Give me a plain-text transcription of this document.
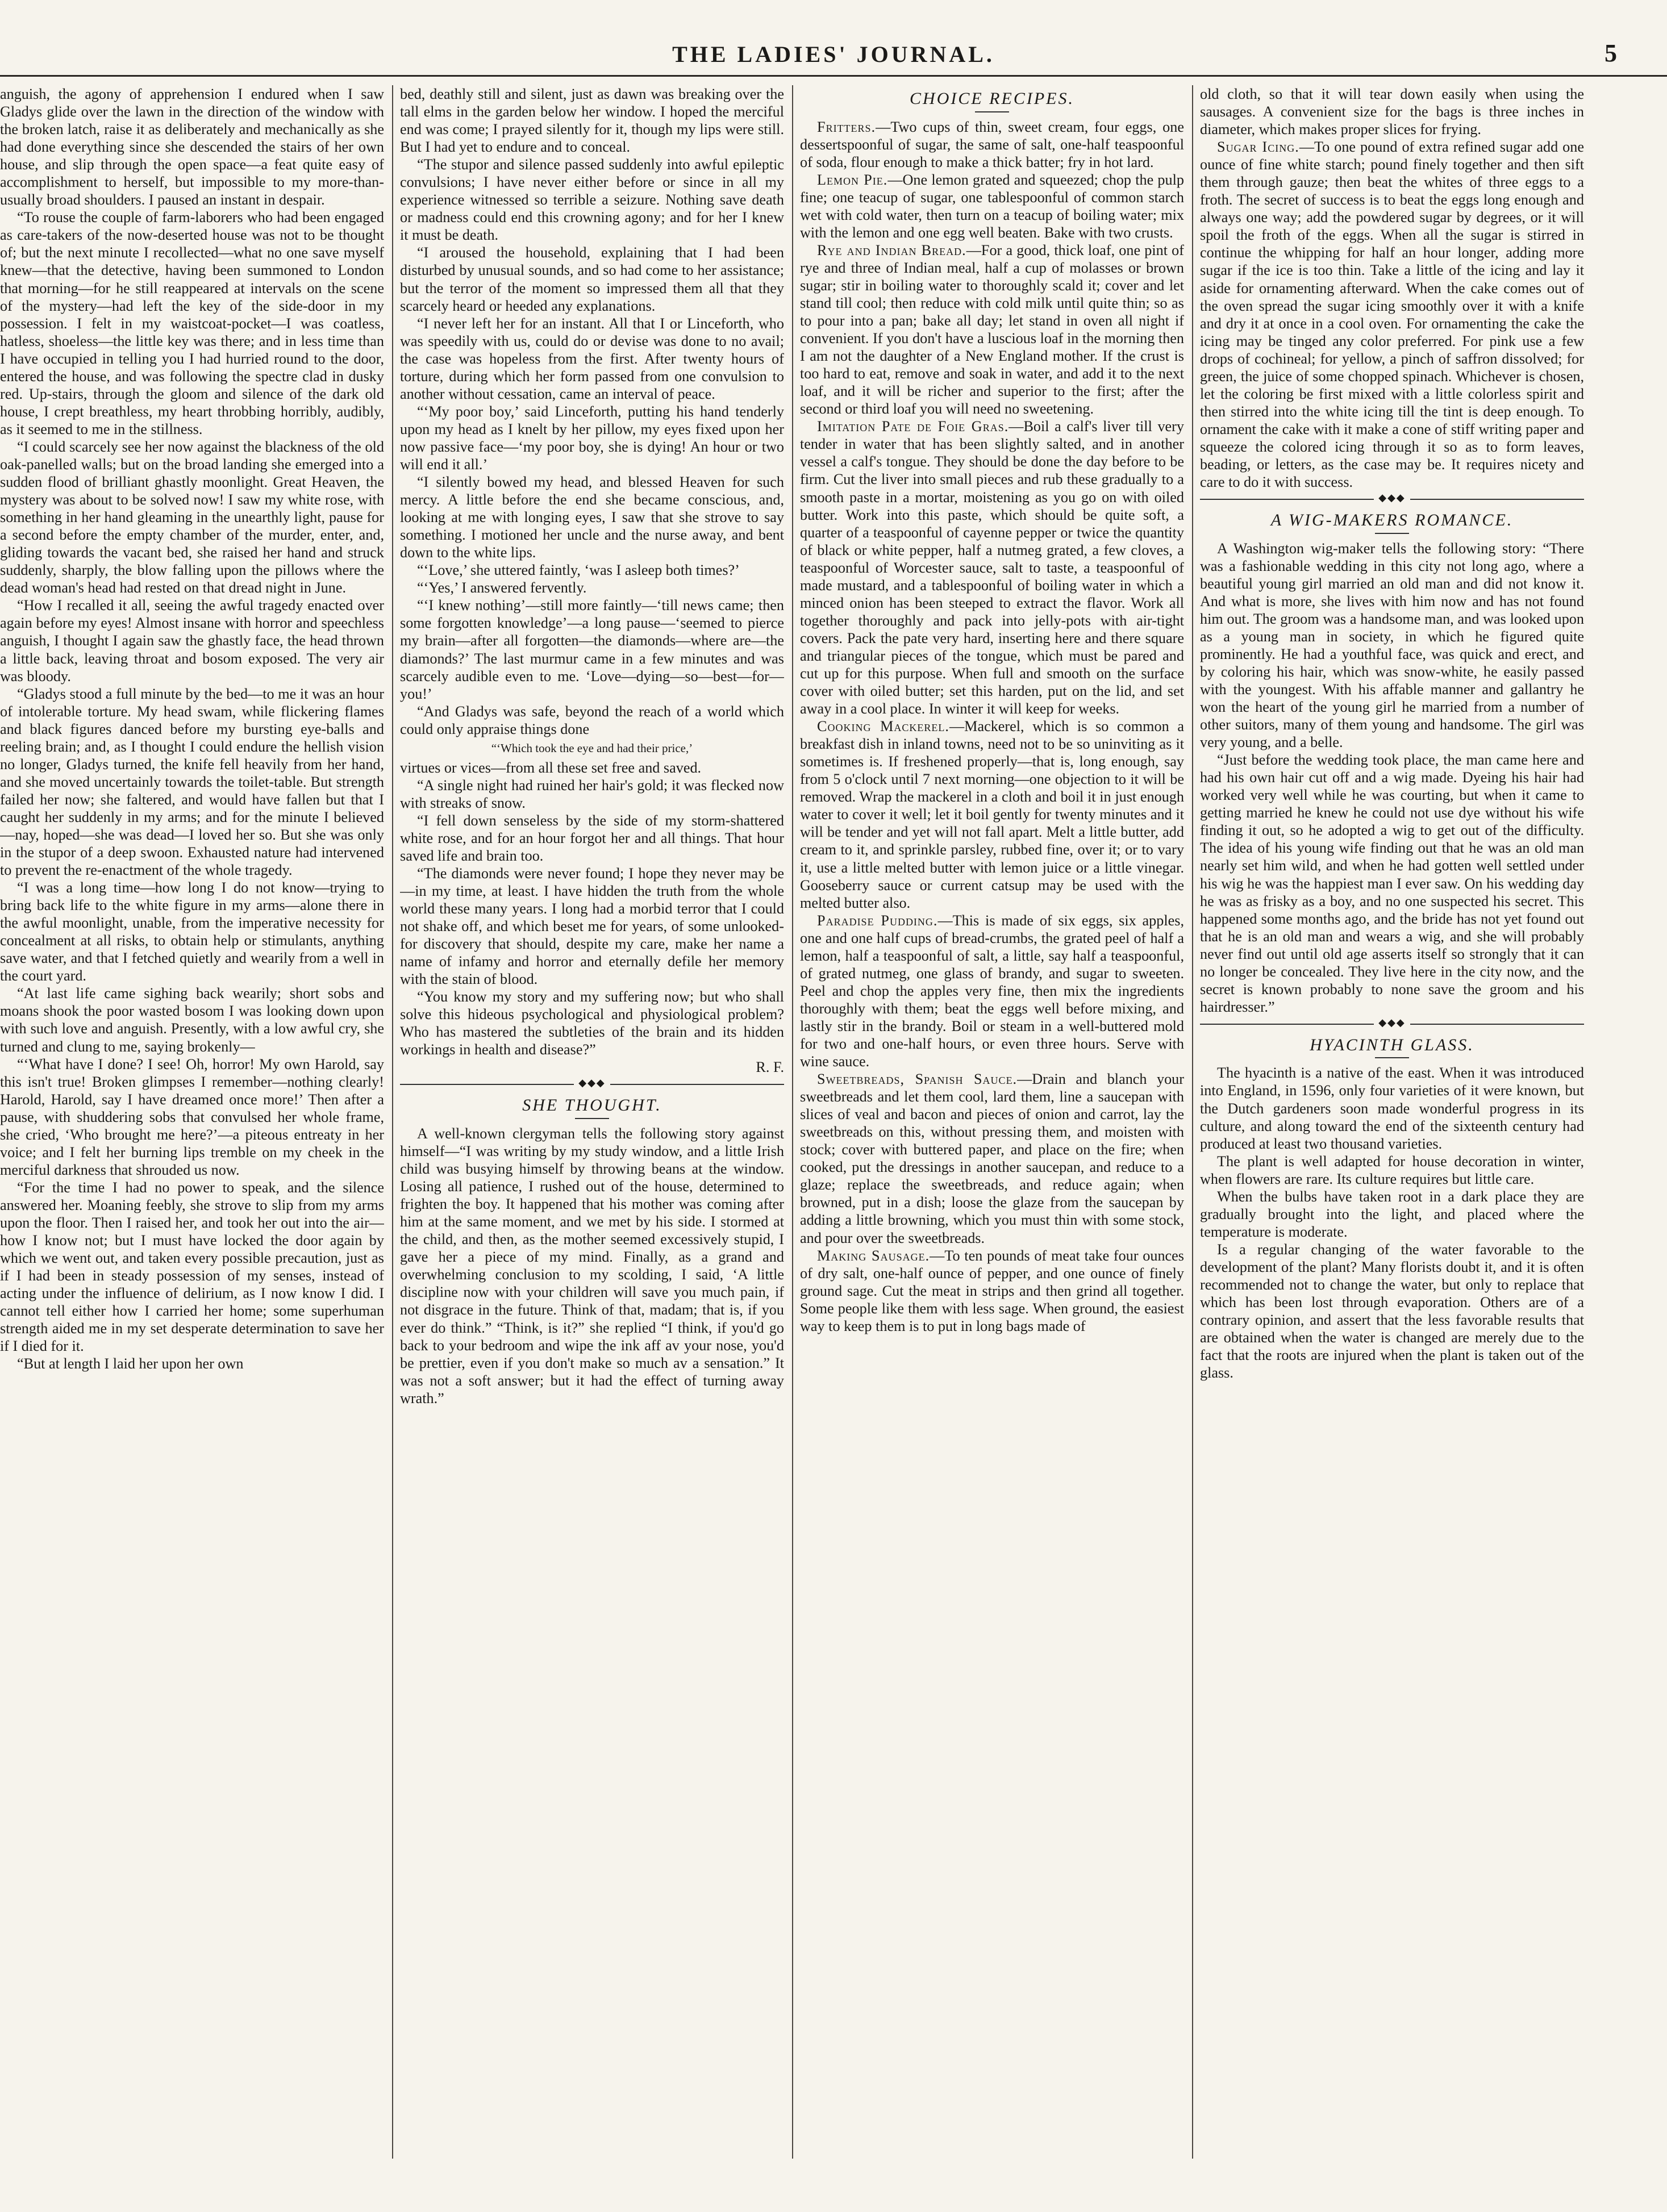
THE LADIES' JOURNAL.	5

anguish, the agony of apprehension I endured when I saw Gladys glide over the lawn in the direction of the window with the broken latch, raise it as deliberately and mechanically as she had done everything since she descended the stairs of her own house, and slip through the open space—a feat quite easy of accomplishment to herself, but impossible to my more-than-usually broad shoulders. I paused an instant in despair.

“To rouse the couple of farm-laborers who had been engaged as care-takers of the now-deserted house was not to be thought of; but the next minute I recollected—what no one save myself knew—that the detective, having been summoned to London that morning—for he still reappeared at intervals on the scene of the mystery—had left the key of the side-door in my possession. I felt in my waistcoat-pocket—I was coatless, hatless, shoeless—the little key was there; and in less time than I have occupied in telling you I had hurried round to the door, entered the house, and was following the spectre clad in dusky red. Up-stairs, through the gloom and silence of the dark old house, I crept breathless, my heart throbbing horribly, audibly, as it seemed to me in the stillness.

“I could scarcely see her now against the blackness of the old oak-panelled walls; but on the broad landing she emerged into a sudden flood of brilliant ghastly moonlight. Great Heaven, the mystery was about to be solved now! I saw my white rose, with something in her hand gleaming in the unearthly light, pause for a second before the empty chamber of the murder, enter, and, gliding towards the vacant bed, she raised her hand and struck suddenly, sharply, the blow falling upon the pillows where the dead woman's head had rested on that dread night in June.

“How I recalled it all, seeing the awful tragedy enacted over again before my eyes! Almost insane with horror and speechless anguish, I thought I again saw the ghastly face, the head thrown a little back, leaving throat and bosom exposed. The very air was bloody.

“Gladys stood a full minute by the bed—to me it was an hour of intolerable torture. My head swam, while flickering flames and black figures danced before my bursting eye-balls and reeling brain; and, as I thought I could endure the hellish vision no longer, Gladys turned, the knife fell heavily from her hand, and she moved uncertainly towards the toilet-table. But strength failed her now; she faltered, and would have fallen but that I caught her suddenly in my arms; and for the minute I believed—nay, hoped—she was dead—I loved her so. But she was only in the stupor of a deep swoon. Exhausted nature had intervened to prevent the re-enactment of the whole tragedy.

“I was a long time—how long I do not know—trying to bring back life to the white figure in my arms—alone there in the awful moonlight, unable, from the imperative necessity for concealment at all risks, to obtain help or stimulants, anything save water, and that I fetched quietly and wearily from a well in the court yard.

“At last life came sighing back wearily; short sobs and moans shook the poor wasted bosom I was looking down upon with such love and anguish. Presently, with a low awful cry, she turned and clung to me, saying brokenly—

“‘What have I done? I see! Oh, horror! My own Harold, say this isn't true! Broken glimpses I remember—nothing clearly! Harold, Harold, say I have dreamed once more!’ Then after a pause, with shuddering sobs that convulsed her whole frame, she cried, ‘Who brought me here?’—a piteous entreaty in her voice; and I felt her burning lips tremble on my cheek in the merciful darkness that shrouded us now.

“For the time I had no power to speak, and the silence answered her. Moaning feebly, she strove to slip from my arms upon the floor. Then I raised her, and took her out into the air—how I know not; but I must have locked the door again by which we went out, and taken every possible precaution, just as if I had been in steady possession of my senses, instead of acting under the influence of delirium, as I now know I did. I cannot tell either how I carried her home; some superhuman strength aided me in my set desperate determination to save her if I died for it.

“But at length I laid her upon her own

bed, deathly still and silent, just as dawn was breaking over the tall elms in the garden below her window. I hoped the merciful end was come; I prayed silently for it, though my lips were still. But I had yet to endure and to conceal.

“The stupor and silence passed suddenly into awful epileptic convulsions; I have never either before or since in all my experience witnessed so terrible a seizure. Nothing save death or madness could end this crowning agony; and for her I knew it must be death.

“I aroused the household, explaining that I had been disturbed by unusual sounds, and so had come to her assistance; but the terror of the moment so impressed them all that they scarcely heard or heeded any explanations.

“I never left her for an instant. All that I or Linceforth, who was speedily with us, could do or devise was done to no avail; the case was hopeless from the first. After twenty hours of torture, during which her form passed from one convulsion to another without cessation, came an interval of peace.

“‘My poor boy,’ said Linceforth, putting his hand tenderly upon my head as I knelt by her pillow, my eyes fixed upon her now passive face—‘my poor boy, she is dying! An hour or two will end it all.’

“I silently bowed my head, and blessed Heaven for such mercy. A little before the end she became conscious, and, looking at me with longing eyes, I saw that she strove to say something. I motioned her uncle and the nurse away, and bent down to the white lips.

“‘Love,’ she uttered faintly, ‘was I asleep both times?’

“‘Yes,’ I answered fervently.

“‘I knew nothing’—still more faintly—‘till news came; then some forgotten knowledge’—a long pause—‘seemed to pierce my brain—after all forgotten—the diamonds—where are—the diamonds?’ The last murmur came in a few minutes and was scarcely audible even to me. ‘Love—dying—so—best—for—you!’

“And Gladys was safe, beyond the reach of a world which could only appraise things done

“‘Which took the eye and had their price,’

virtues or vices—from all these set free and saved.

“A single night had ruined her hair's gold; it was flecked now with streaks of snow.

“I fell down senseless by the side of my storm-shattered white rose, and for an hour forgot her and all things. That hour saved life and brain too.

“The diamonds were never found; I hope they never may be—in my time, at least. I have hidden the truth from the whole world these many years. I long had a morbid terror that I could not shake off, and which beset me for years, of some unlooked-for discovery that should, despite my care, make her name a name of infamy and horror and eternally defile her memory with the stain of blood.

“You know my story and my suffering now; but who shall solve this hideous psychological and physiological problem? Who has mastered the subtleties of the brain and its hidden workings in health and disease?”

R. F.
◆◆◆
SHE THOUGHT.

A well-known clergyman tells the following story against himself—“I was writing by my study window, and a little Irish child was busying himself by throwing beans at the window. Losing all patience, I rushed out of the house, determined to frighten the boy. It happened that his mother was coming after him at the same moment, and we met by his side. I stormed at the child, and then, as the mother seemed excessively stupid, I gave her a piece of my mind. Finally, as a grand and overwhelming conclusion to my scolding, I said, ‘A little discipline now with your children will save you much pain, if not disgrace in the future. Think of that, madam; that is, if you ever do think.” “Think, is it?” she replied “I think, if you'd go back to your bedroom and wipe the ink aff av your nose, you'd be prettier, even if you don't make so much av a sensation.” It was not a soft answer; but it had the effect of turning away wrath.”

CHOICE RECIPES.

Fritters.—Two cups of thin, sweet cream, four eggs, one dessertspoonful of sugar, the same of salt, one-half teaspoonful of soda, flour enough to make a thick batter; fry in hot lard.

Lemon Pie.—One lemon grated and squeezed; chop the pulp fine; one teacup of sugar, one tablespoonful of common starch wet with cold water, then turn on a teacup of boiling water; mix with the lemon and one egg well beaten. Bake with two crusts.

Rye and Indian Bread.—For a good, thick loaf, one pint of rye and three of Indian meal, half a cup of molasses or brown sugar; stir in boiling water to thoroughly scald it; cover and let stand till cool; then reduce with cold milk until quite thin; so as to pour into a pan; bake all day; let stand in oven all night if convenient. If you don't have a luscious loaf in the morning then I am not the daughter of a New England mother. If the crust is too hard to eat, remove and soak in water, and add it to the next loaf, and it will be richer and superior to the first; after the second or third loaf you will need no sweetening.

Imitation Pate de Foie Gras.—Boil a calf's liver till very tender in water that has been slightly salted, and in another vessel a calf's tongue. They should be done the day before to be firm. Cut the liver into small pieces and rub these gradually to a smooth paste in a mortar, moistening as you go on with oiled butter. Work into this paste, which should be quite soft, a quarter of a teaspoonful of cayenne pepper or twice the quantity of black or white pepper, half a nutmeg grated, a few cloves, a teaspoonful of Worcester sauce, salt to taste, a teaspoonful of made mustard, and a tablespoonful of boiling water in which a minced onion has been steeped to extract the flavor. Work all together thoroughly and pack into jelly-pots with air-tight covers. Pack the pate very hard, inserting here and there square and triangular pieces of the tongue, which must be pared and cut up for this purpose. When full and smooth on the surface cover with oiled butter; set this harden, put on the lid, and set away in a cool place. In winter it will keep for weeks.

Cooking Mackerel.—Mackerel, which is so common a breakfast dish in inland towns, need not to be so uninviting as it sometimes is. If freshened properly—that is, long enough, say from 5 o'clock until 7 next morning—one objection to it will be removed. Wrap the mackerel in a cloth and boil it in just enough water to cover it well; let it boil gently for twenty minutes and it will be tender and yet will not fall apart. Melt a little butter, add cream to it, and sprinkle parsley, rubbed fine, over it; or to vary it, use a little melted butter with lemon juice or a little vinegar. Gooseberry sauce or current catsup may be used with the melted butter also.

Paradise Pudding.—This is made of six eggs, six apples, one and one half cups of bread-crumbs, the grated peel of half a lemon, half a teaspoonful of salt, a little, say half a teaspoonful, of grated nutmeg, one glass of brandy, and sugar to sweeten. Peel and chop the apples very fine, then mix the ingredients thoroughly with them; beat the eggs well before mixing, and lastly stir in the brandy. Boil or steam in a well-buttered mold for two and one-half hours, or even three hours. Serve with wine sauce.

Sweetbreads, Spanish Sauce.—Drain and blanch your sweetbreads and let them cool, lard them, line a saucepan with slices of veal and bacon and pieces of onion and carrot, lay the sweetbreads on this, without pressing them, and moisten with stock; cover with buttered paper, and place on the fire; when cooked, put the dressings in another saucepan, and reduce to a glaze; replace the sweetbreads, and reduce again; when browned, put in a dish; loose the glaze from the saucepan by adding a little browning, which you must thin with some stock, and pour over the sweetbreads.

Making Sausage.—To ten pounds of meat take four ounces of dry salt, one-half ounce of pepper, and one ounce of finely ground sage. Cut the meat in strips and then grind all together. Some people like them with less sage. When ground, the easiest way to keep them is to put in long bags made of

old cloth, so that it will tear down easily when using the sausages. A convenient size for the bags is three inches in diameter, which makes proper slices for frying.

Sugar Icing.—To one pound of extra refined sugar add one ounce of fine white starch; pound finely together and then sift them through gauze; then beat the whites of three eggs to a froth. The secret of success is to beat the eggs long enough and always one way; add the powdered sugar by degrees, or it will spoil the froth of the eggs. When all the sugar is stirred in continue the whipping for half an hour longer, adding more sugar if the ice is too thin. Take a little of the icing and lay it aside for ornamenting afterward. When the cake comes out of the oven spread the sugar icing smoothly over it with a knife and dry it at once in a cool oven. For ornamenting the cake the icing may be tinged any color preferred. For pink use a few drops of cochineal; for yellow, a pinch of saffron dissolved; for green, the juice of some chopped spinach. Whichever is chosen, let the coloring be first mixed with a little colorless spirit and then stirred into the white icing till the tint is deep enough. To ornament the cake with it make a cone of stiff writing paper and squeeze the colored icing through it so as to form leaves, beading, or letters, as the case may be. It requires nicety and care to do it with success.

◆◆◆
A WIG-MAKERS ROMANCE.

A Washington wig-maker tells the following story: “There was a fashionable wedding in this city not long ago, where a beautiful young girl married an old man and did not know it. And what is more, she lives with him now and has not found him out. The groom was a handsome man, and was looked upon as a young man in society, in which he figured quite prominently. He had a youthful face, was quick and erect, and by coloring his hair, which was snow-white, he easily passed with the youngest. With his affable manner and gallantry he won the heart of the young girl he married from a number of other suitors, many of them young and handsome. The girl was very young, and a belle.

“Just before the wedding took place, the man came here and had his own hair cut off and a wig made. Dyeing his hair had worked very well while he was courting, but when it came to getting married he knew he could not use dye without his wife finding it out, so he adopted a wig to get out of the difficulty. The idea of his young wife finding out that he was an old man nearly set him wild, and when he had gotten well settled under his wig he was the happiest man I ever saw. On his wedding day he was as frisky as a boy, and no one suspected his secret. This happened some months ago, and the bride has not yet found out that he is an old man and wears a wig, and she will probably never find out until old age asserts itself so strongly that it can no longer be concealed. They live here in the city now, and the secret is known probably to none save the groom and his hairdresser.”

◆◆◆
HYACINTH GLASS.

The hyacinth is a native of the east. When it was introduced into England, in 1596, only four varieties of it were known, but the Dutch gardeners soon made wonderful progress in its culture, and along toward the end of the sixteenth century had produced at least two thousand varieties.

The plant is well adapted for house decoration in winter, when flowers are rare. Its culture requires but little care.

When the bulbs have taken root in a dark place they are gradually brought into the light, and placed where the temperature is moderate.

Is a regular changing of the water favorable to the development of the plant? Many florists doubt it, and it is often recommended not to change the water, but only to replace that which has been lost through evaporation. Others are of a contrary opinion, and assert that the less favorable results that are obtained when the water is changed are merely due to the fact that the roots are injured when the plant is taken out of the glass.
